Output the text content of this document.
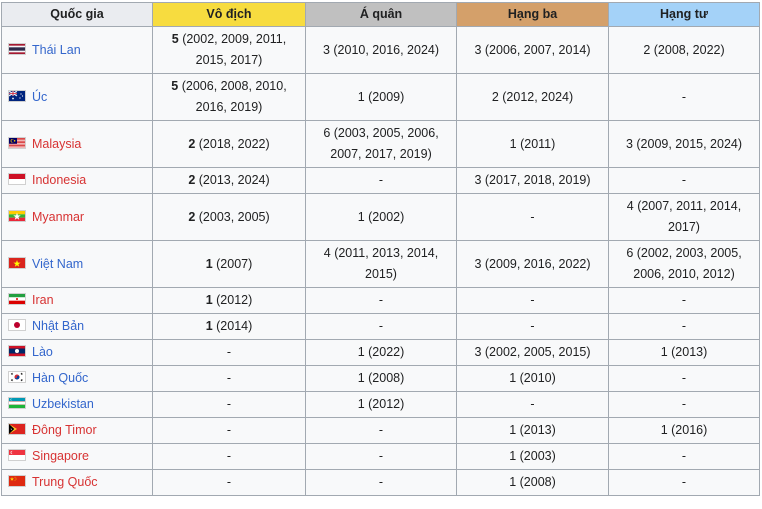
Quốc gia	Vô địch	Á quân	Hạng ba	Hạng tư

Thái Lan	5 (2002, 2009, 2011, 2015, 2017)	3 (2010, 2016, 2024)	3 (2006, 2007, 2014)	2 (2008, 2022)

Úc	5 (2006, 2008, 2010, 2016, 2019)	1 (2009)	2 (2012, 2024)	-

Malaysia	2 (2018, 2022)	6 (2003, 2005, 2006, 2007, 2017, 2019)	1 (2011)	3 (2009, 2015, 2024)

Indonesia	2 (2013, 2024)	-	3 (2017, 2018, 2019)	-

Myanmar	2 (2003, 2005)	1 (2002)	-	4 (2007, 2011, 2014, 2017)

Việt Nam	1 (2007)	4 (2011, 2013, 2014, 2015)	3 (2009, 2016, 2022)	6 (2002, 2003, 2005, 2006, 2010, 2012)

Iran	1 (2012)	-	-	-

Nhật Bản	1 (2014)	-	-	-

Lào	-	1 (2022)	3 (2002, 2005, 2015)	1 (2013)

Hàn Quốc	-	1 (2008)	1 (2010)	-

Uzbekistan	-	1 (2012)	-	-

Đông Timor	-	-	1 (2013)	1 (2016)

Singapore	-	-	1 (2003)	-

Trung Quốc	-	-	1 (2008)	-
